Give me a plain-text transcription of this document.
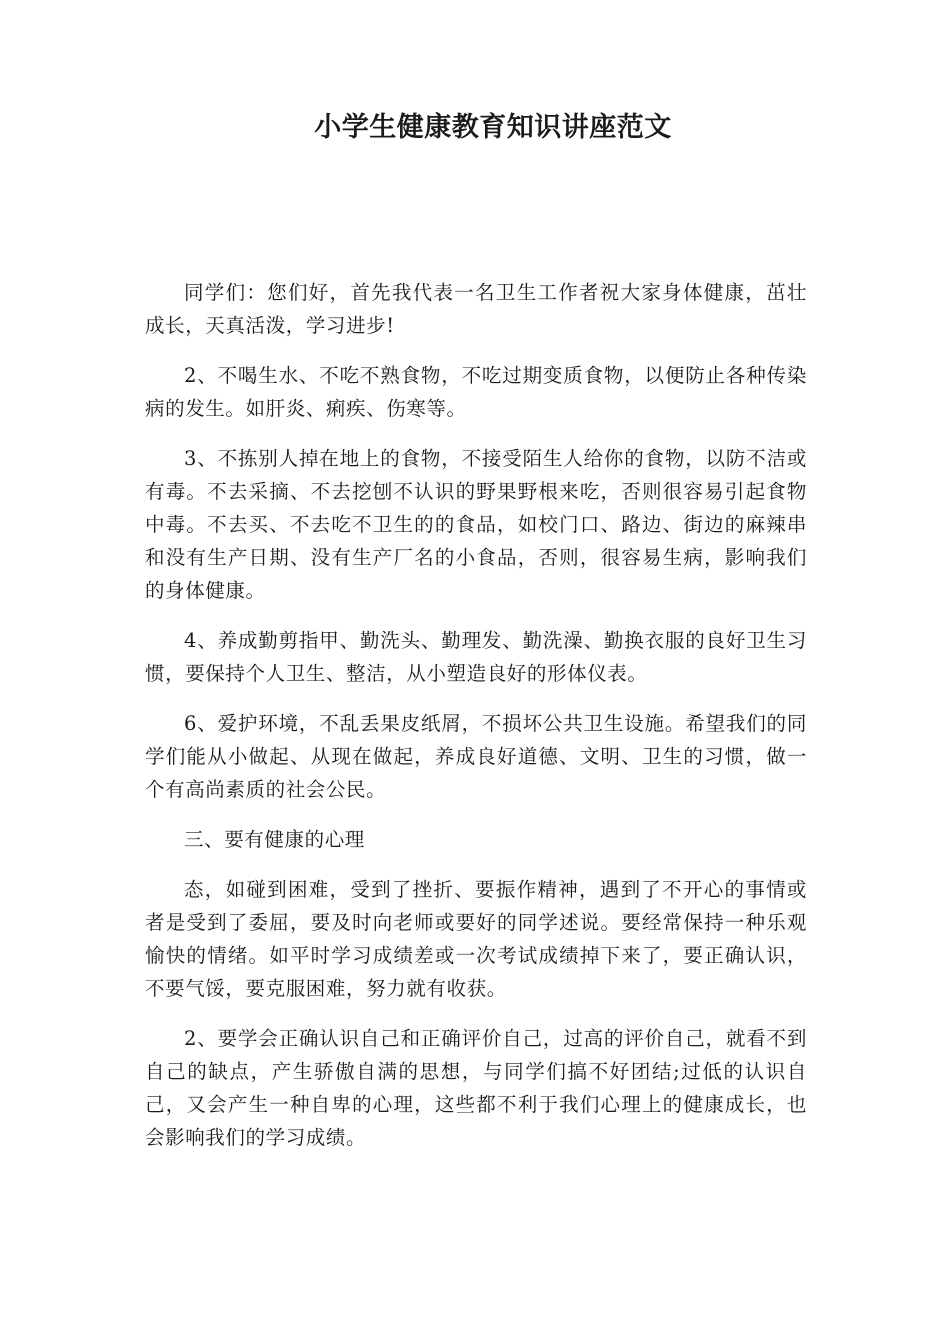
小学生健康教育知识讲座范文

同学们：您们好，首先我代表一名卫生工作者祝大家身体健康，茁壮成长，天真活泼，学习进步!

2、不喝生水、不吃不熟食物，不吃过期变质食物，以便防止各种传染病的发生。如肝炎、痢疾、伤寒等。

3、不拣别人掉在地上的食物，不接受陌生人给你的食物，以防不洁或有毒。不去采摘、不去挖刨不认识的野果野根来吃，否则很容易引起食物中毒。不去买、不去吃不卫生的的食品，如校门口、路边、街边的麻辣串和没有生产日期、没有生产厂名的小食品，否则，很容易生病，影响我们的身体健康。

4、养成勤剪指甲、勤洗头、勤理发、勤洗澡、勤换衣服的良好卫生习惯，要保持个人卫生、整洁，从小塑造良好的形体仪表。

6、爱护环境，不乱丢果皮纸屑，不损坏公共卫生设施。希望我们的同学们能从小做起、从现在做起，养成良好道德、文明、卫生的习惯，做一个有高尚素质的社会公民。

三、要有健康的心理

态，如碰到困难，受到了挫折、要振作精神，遇到了不开心的事情或者是受到了委屈，要及时向老师或要好的同学述说。要经常保持一种乐观愉快的情绪。如平时学习成绩差或一次考试成绩掉下来了，要正确认识，不要气馁，要克服困难，努力就有收获。

2、要学会正确认识自己和正确评价自己，过高的评价自己，就看不到自己的缺点，产生骄傲自满的思想，与同学们搞不好团结;过低的认识自己，又会产生一种自卑的心理，这些都不利于我们心理上的健康成长，也会影响我们的学习成绩。
